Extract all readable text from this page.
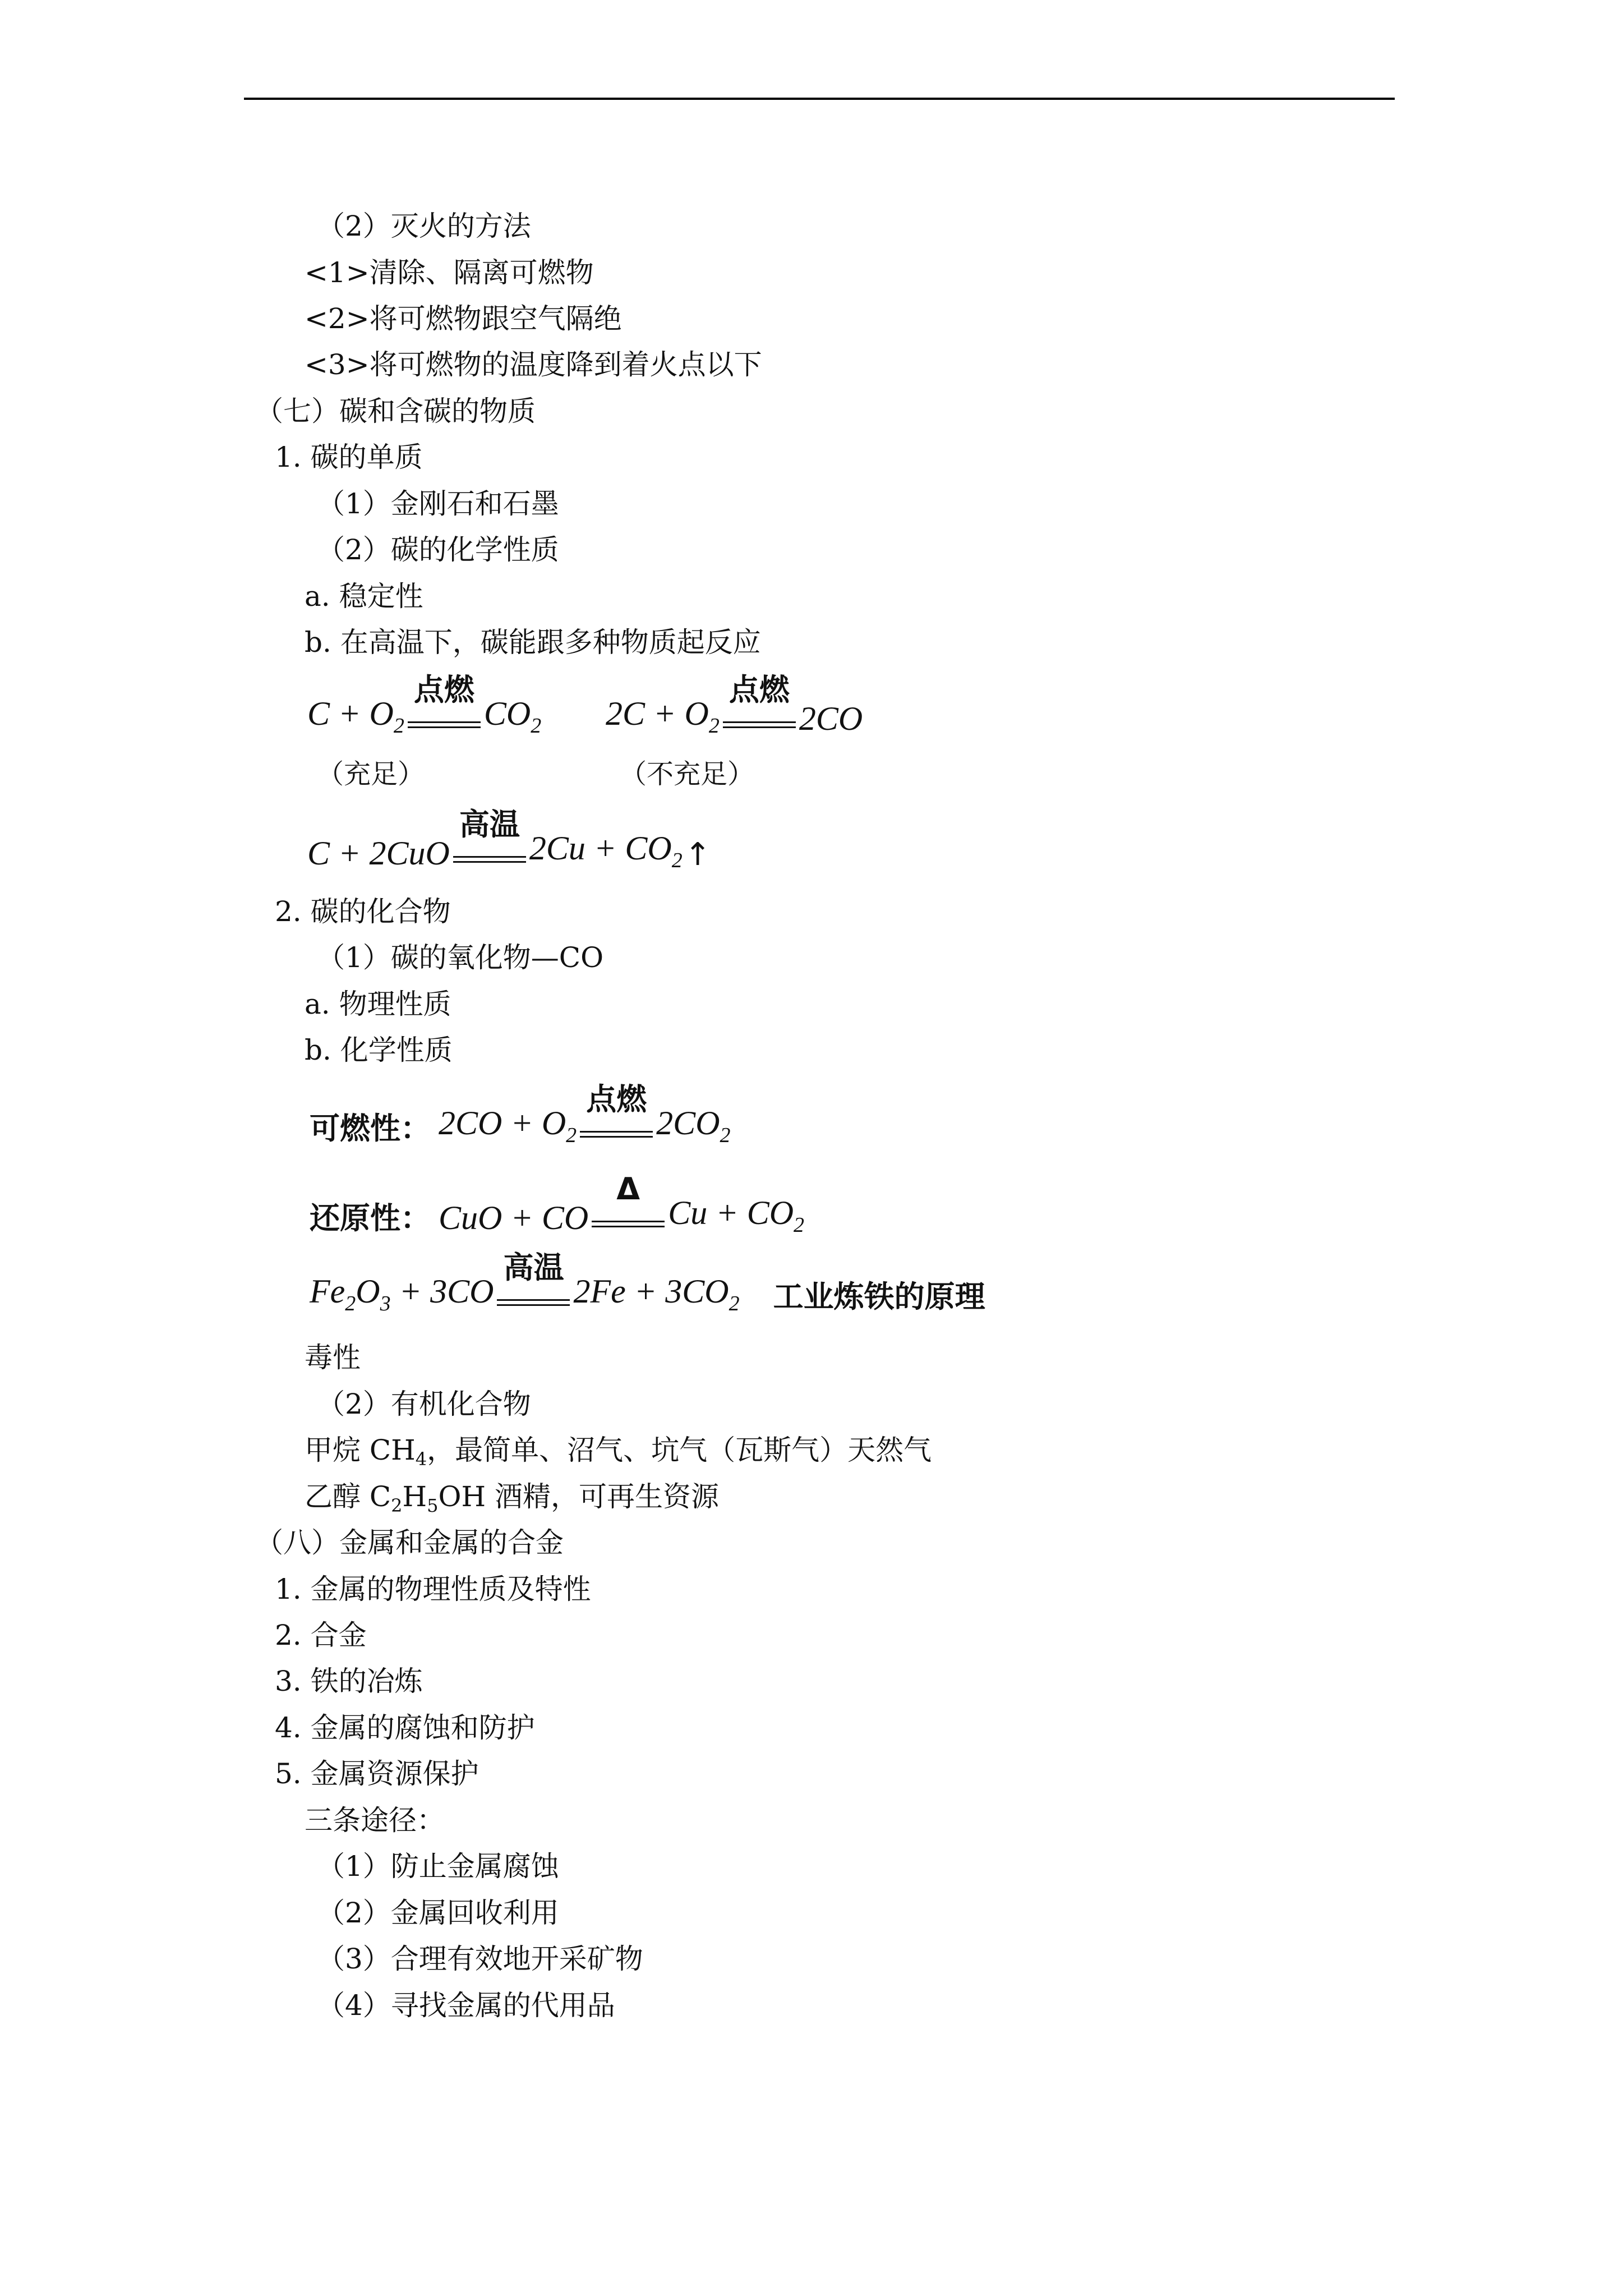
（2）灭火的方法
<1>清除、隔离可燃物
<2>将可燃物跟空气隔绝
<3>将可燃物的温度降到着火点以下
（七）碳和含碳的物质
1. 碳的单质
（1）金刚石和石墨
（2）碳的化学性质
a. 稳定性
b. 在高温下，碳能跟多种物质起反应
$C + O_2$
点燃
$CO_2$ $2C + O_2$
点燃
2CO
（充足）	（不充足）
C + 2CuO
高温
$2Cu + CO_2$ ↑
2. 碳的化合物
（1）碳的氧化物—CO
a. 物理性质
b. 化学性质
可燃性： $2CO + O_2$
点燃
$2CO_2$
还原性： CuO + CO
Δ
$Cu + CO_2$
$Fe_2O_3 + 3CO$
高温
$2Fe + 3CO_2$ 工业炼铁的原理
毒性
（2）有机化合物
甲烷 $CH_4$，最简单、沼气、坑气（瓦斯气）天然气
乙醇 $C_2H_5OH$ 酒精，可再生资源
（八）金属和金属的合金
1. 金属的物理性质及特性
2. 合金
3. 铁的冶炼
4. 金属的腐蚀和防护
5. 金属资源保护
三条途径：
（1）防止金属腐蚀
（2）金属回收利用
（3）合理有效地开采矿物
（4）寻找金属的代用品
